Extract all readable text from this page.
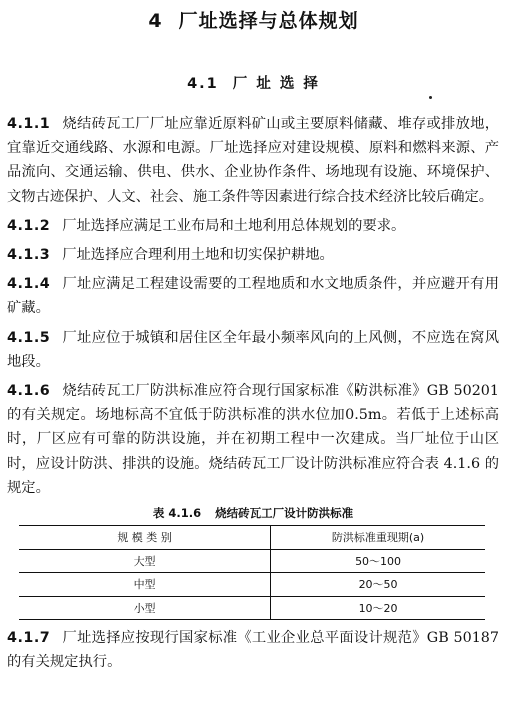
4 厂址选择与总体规划
4.1 厂 址 选 择

4.1.1 烧结砖瓦工厂厂址应靠近原料矿山或主要原料储藏、堆存或排放地，宜靠近交通线路、水源和电源。厂址选择应对建设规模、原料和燃料来源、产品流向、交通运输、供电、供水、企业协作条件、场地现有设施、环境保护、文物古迹保护、人文、社会、施工条件等因素进行综合技术经济比较后确定。

4.1.2 厂址选择应满足工业布局和土地利用总体规划的要求。

4.1.3 厂址选择应合理利用土地和切实保护耕地。

4.1.4 厂址应满足工程建设需要的工程地质和水文地质条件，并应避开有用矿藏。

4.1.5 厂址应位于城镇和居住区全年最小频率风向的上风侧，不应选在窝风地段。

4.1.6 烧结砖瓦工厂防洪标准应符合现行国家标准《防洪标准》GB 50201 的有关规定。场地标高不宜低于防洪标准的洪水位加0.5m。若低于上述标高时，厂区应有可靠的防洪设施，并在初期工程中一次建成。当厂址位于山区时，应设计防洪、排洪的设施。烧结砖瓦工厂设计防洪标准应符合表 4.1.6 的规定。

表 4.1.6 烧结砖瓦工厂设计防洪标准
规 模 类 别	防洪标准重现期(a)
大型	50～100
中型	20～50
小型	10～20

4.1.7 厂址选择应按现行国家标准《工业企业总平面设计规范》GB 50187 的有关规定执行。
